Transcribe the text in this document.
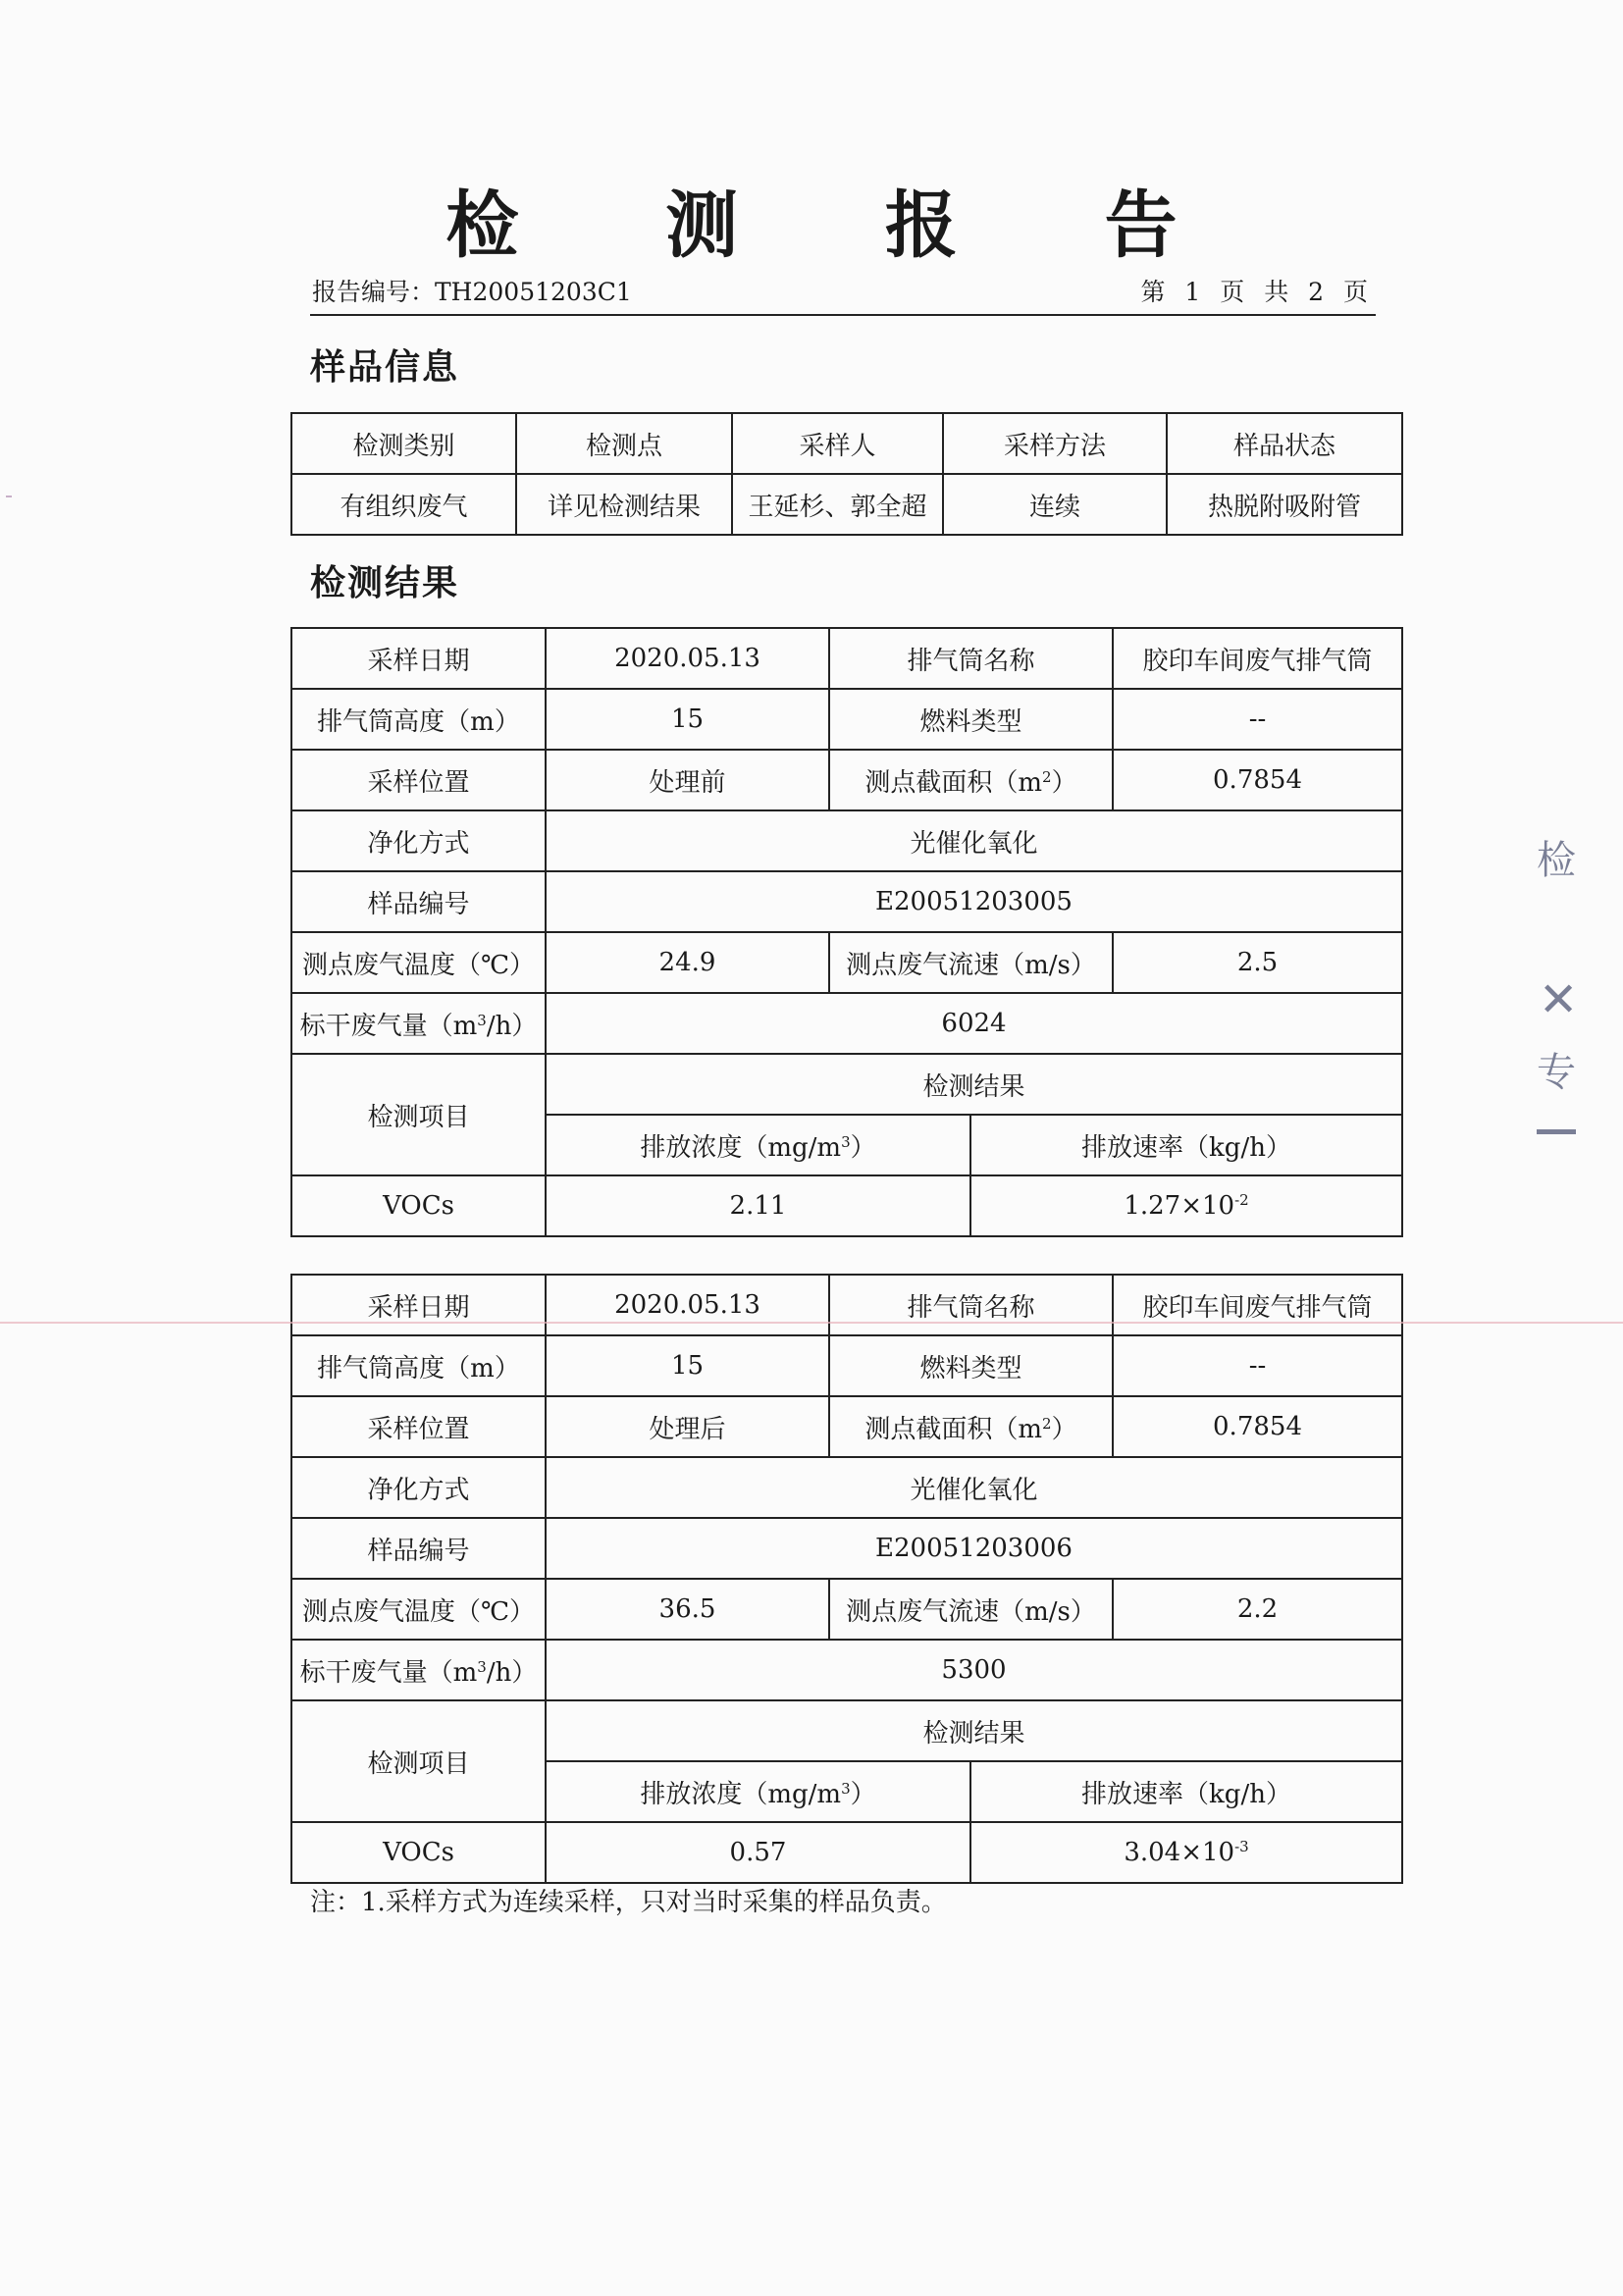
检 测 报 告
报告编号：TH20051203C1	第 1 页 共 2 页
样品信息
检测类别	检测点	采样人	采样方法	样品状态
有组织废气	详见检测结果	王延杉、郭全超	连续	热脱附吸附管
检测结果
采样日期	2020.05.13	排气筒名称		胶印车间废气排气筒
排气筒高度（m）	15	燃料类型		--
采样位置	处理前	测点截面积$(m^2)$		0.7854
净化方式	光催化氧化			
样品编号	E20051203005			
测点废气温度（℃）	24.9	测点废气流速（m/s）		2.5
标干废气量$(m^3/h)$	6024			
检测项目	检测结果			
	排放浓度$(mg/m^3)$		排放速率（kg/h）	
VOCs	2.11		$1.27\times 10^{-2}$
采样日期	2020.05.13	排气筒名称		胶印车间废气排气筒
排气筒高度（m）	15	燃料类型		--
采样位置	处理后	测点截面积$(m^2)$		0.7854
净化方式	光催化氧化			
样品编号	E20051203006			
测点废气温度（℃）	36.5	测点废气流速（m/s）		2.2
标干废气量$(m^3/h)$	5300			
检测项目	检测结果			
	排放浓度$(mg/m^3)$		排放速率（kg/h）	
VOCs	0.57		$3.04\times 10^{-3}$
注：1.采样方式为连续采样，只对当时采集的样品负责。
检
✕
专
